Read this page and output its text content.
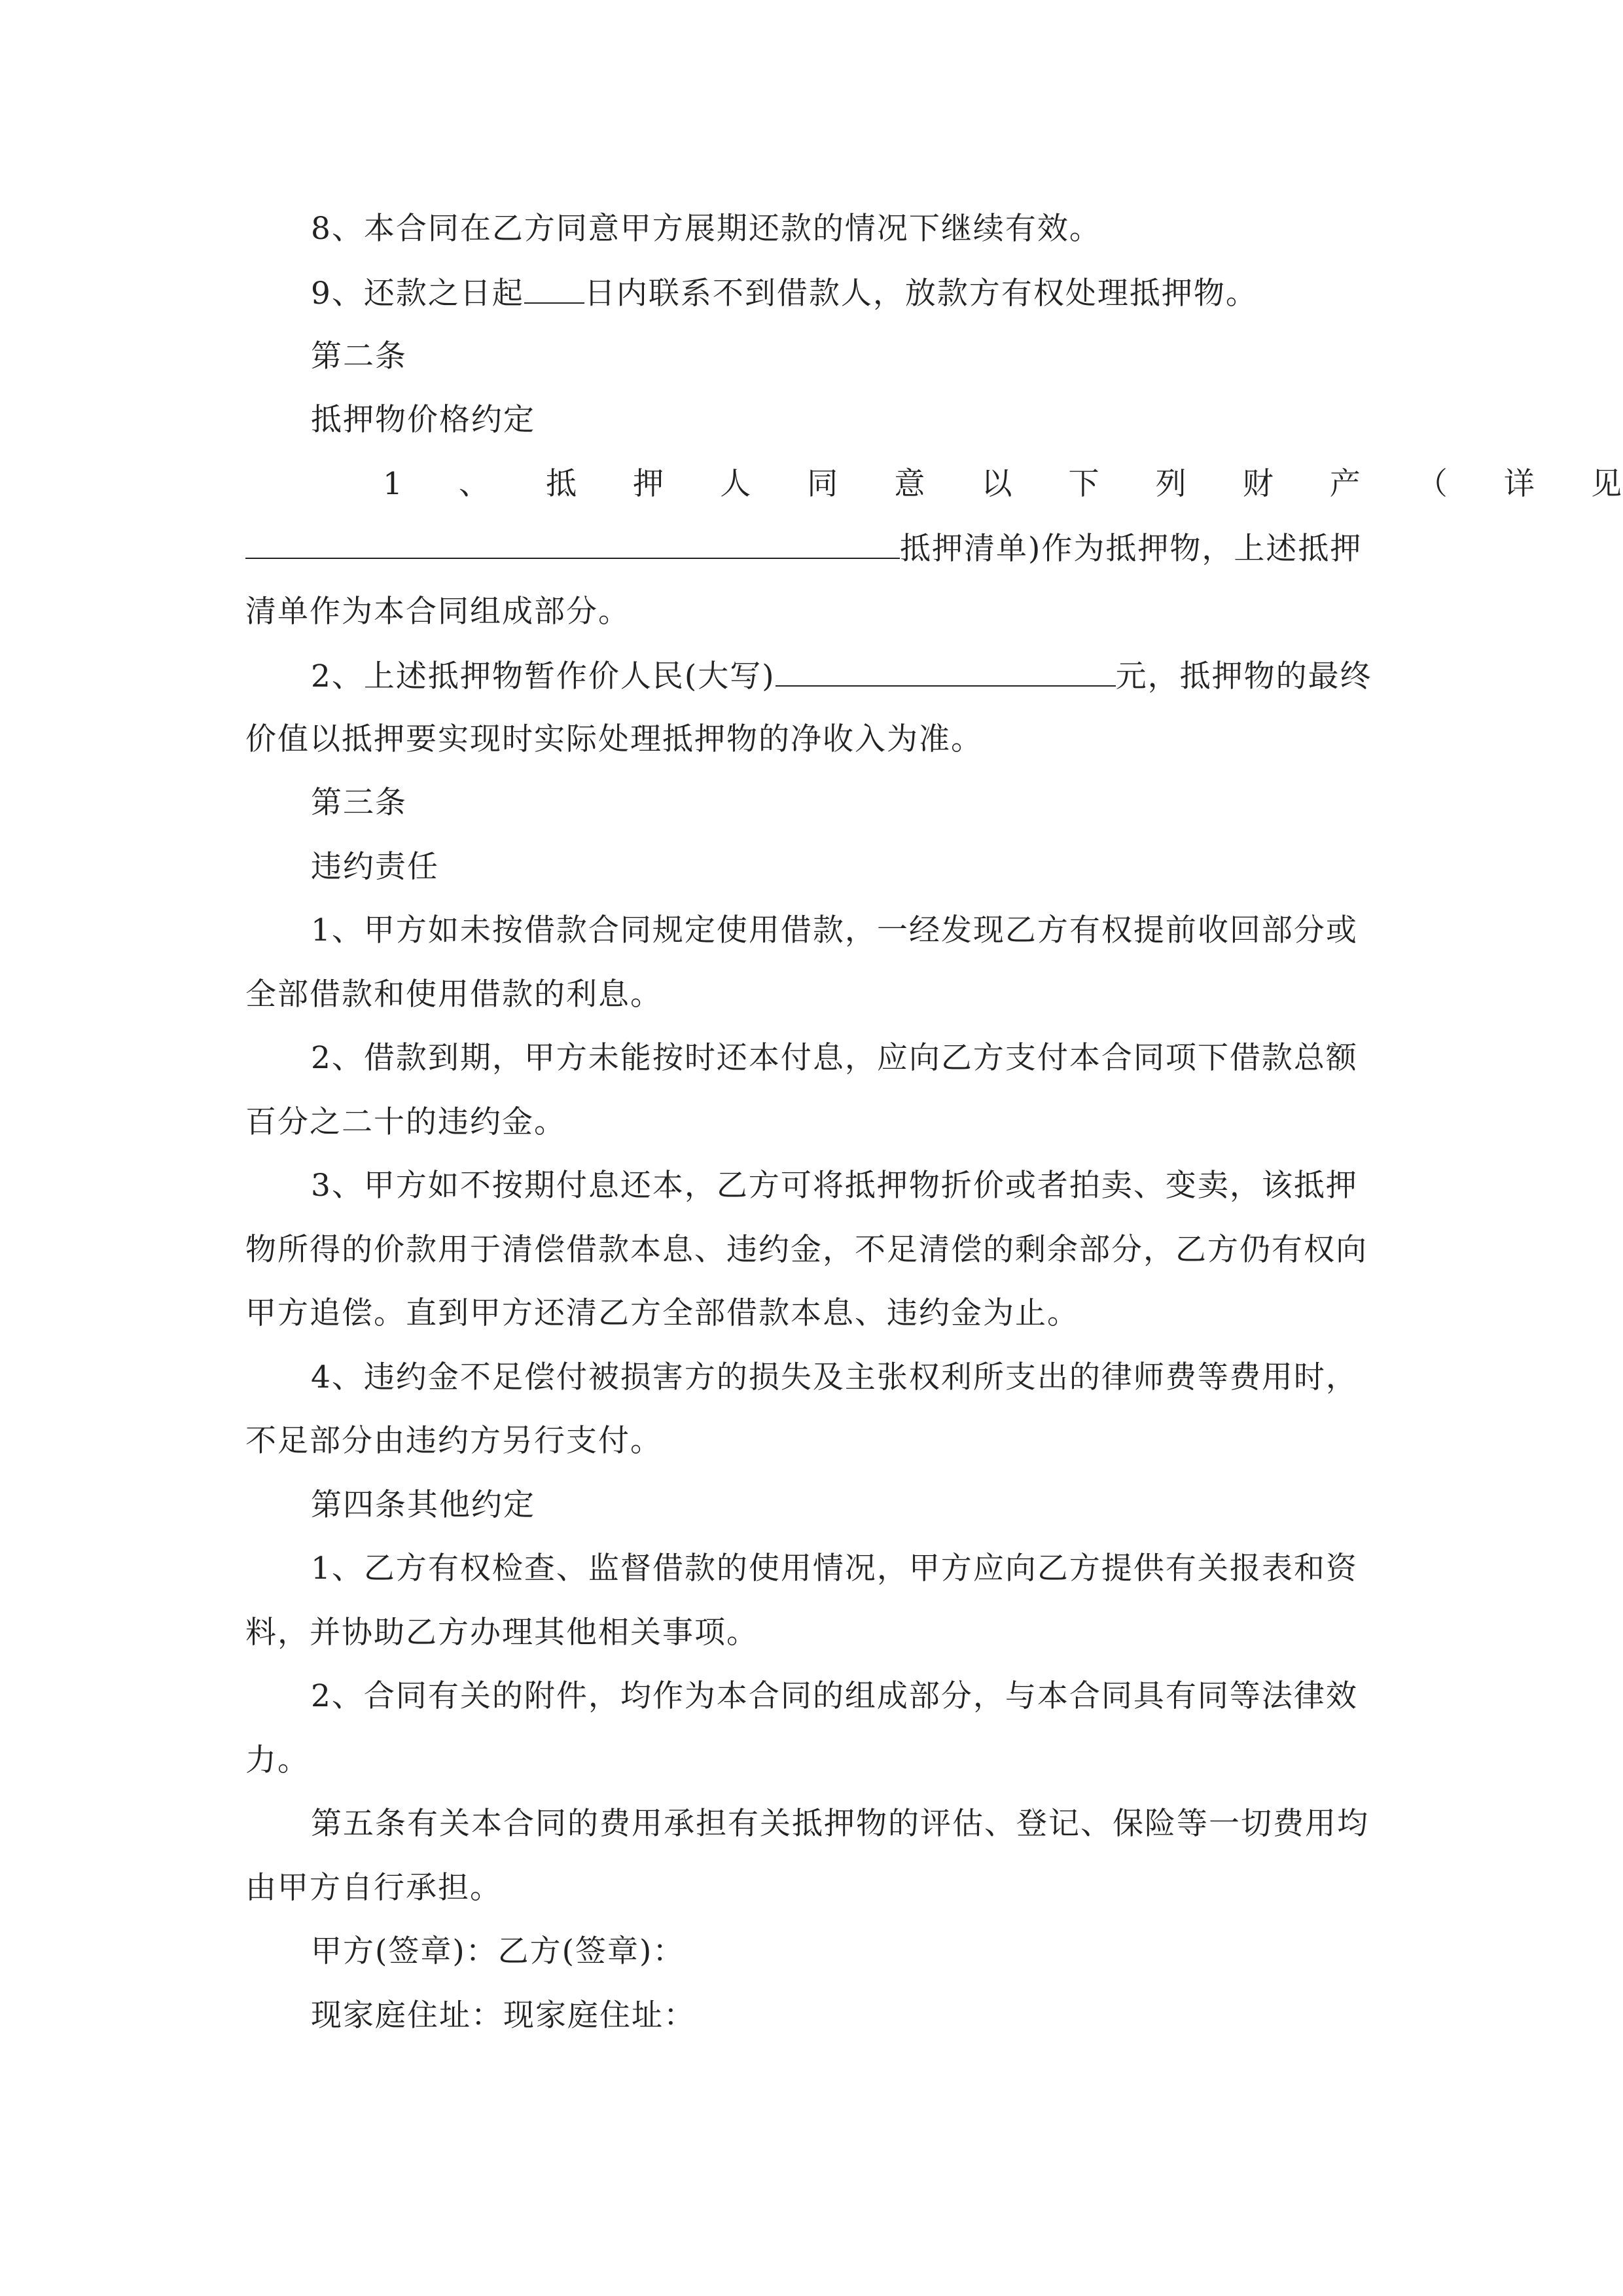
8、本合同在乙方同意甲方展期还款的情况下继续有效。
9、还款之日起 日内联系不到借款人，放款方有权处理抵押物。
第二条
抵押物价格约定
1 、 抵 押 人 同 意 以 下 列 财 产 （ 详 见
抵押清单)作为抵押物，上述抵押
清单作为本合同组成部分。
2、上述抵押物暂作价人民(大写)	元，抵押物的最终
价值以抵押要实现时实际处理抵押物的净收入为准。
第三条
违约责任
1、甲方如未按借款合同规定使用借款，一经发现乙方有权提前收回部分或
全部借款和使用借款的利息。
2、借款到期，甲方未能按时还本付息，应向乙方支付本合同项下借款总额
百分之二十的违约金。
3、甲方如不按期付息还本，乙方可将抵押物折价或者拍卖、变卖，该抵押
物所得的价款用于清偿借款本息、违约金，不足清偿的剩余部分，乙方仍有权向
甲方追偿。直到甲方还清乙方全部借款本息、违约金为止。
4、违约金不足偿付被损害方的损失及主张权利所支出的律师费等费用时，
不足部分由违约方另行支付。
第四条其他约定
1、乙方有权检查、监督借款的使用情况，甲方应向乙方提供有关报表和资
料，并协助乙方办理其他相关事项。
2、合同有关的附件，均作为本合同的组成部分，与本合同具有同等法律效
力。
第五条有关本合同的费用承担有关抵押物的评估、登记、保险等一切费用均
由甲方自行承担。
甲方(签章)：乙方(签章)：
现家庭住址：现家庭住址：
